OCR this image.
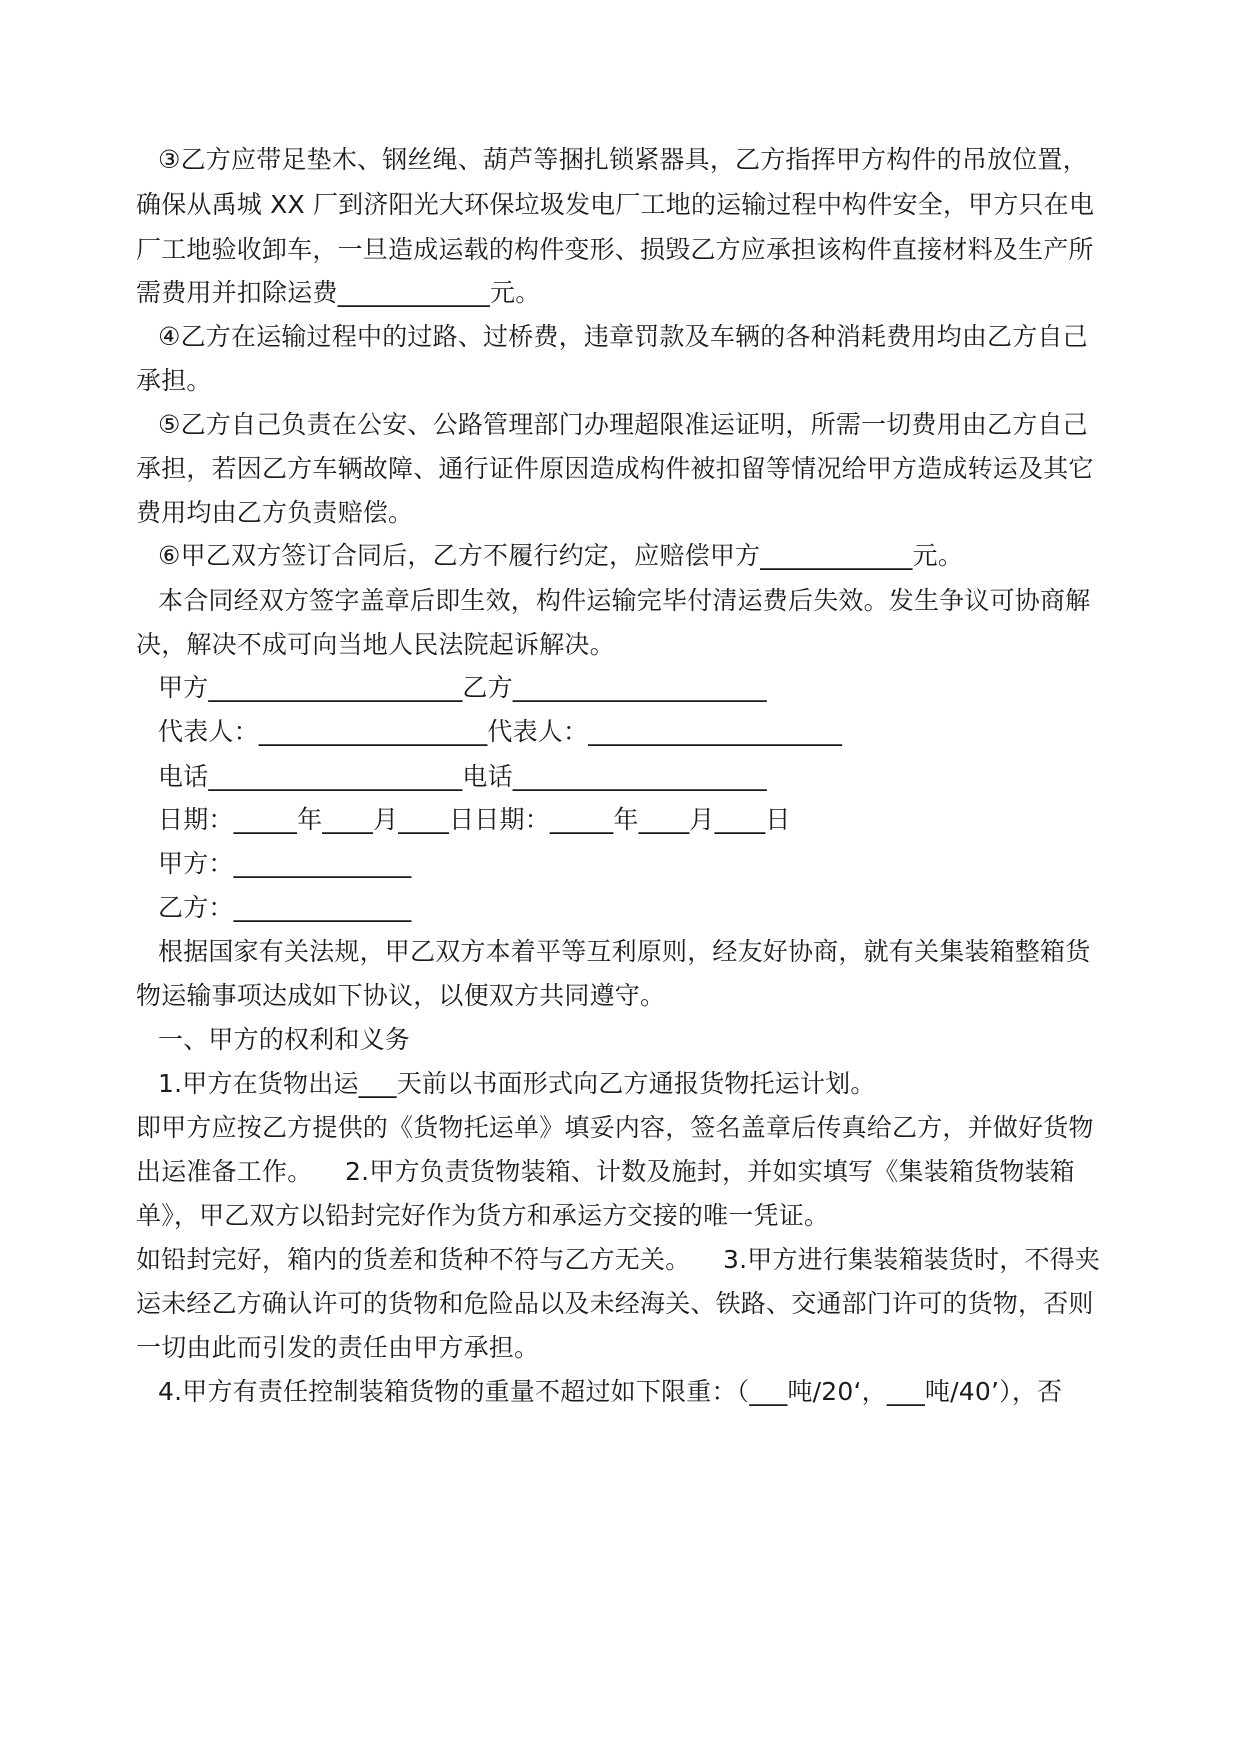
③乙方应带足垫木、钢丝绳、葫芦等捆扎锁紧器具，乙方指挥甲方构件的吊放位置，
确保从禹城 XX 厂到济阳光大环保垃圾发电厂工地的运输过程中构件安全，甲方只在电
厂工地验收卸车，一旦造成运载的构件变形、损毁乙方应承担该构件直接材料及生产所
需费用并扣除运费____________元。
④乙方在运输过程中的过路、过桥费，违章罚款及车辆的各种消耗费用均由乙方自己
承担。
⑤乙方自己负责在公安、公路管理部门办理超限准运证明，所需一切费用由乙方自己
承担，若因乙方车辆故障、通行证件原因造成构件被扣留等情况给甲方造成转运及其它
费用均由乙方负责赔偿。
⑥甲乙双方签订合同后，乙方不履行约定，应赔偿甲方____________元。
本合同经双方签字盖章后即生效，构件运输完毕付清运费后失效。发生争议可协商解
决，解决不成可向当地人民法院起诉解决。
甲方____________________乙方____________________
代表人：__________________代表人：____________________
电话____________________电话____________________
日期：_____年____月____日日期：_____年____月____日
甲方：______________
乙方：______________
根据国家有关法规，甲乙双方本着平等互利原则，经友好协商，就有关集装箱整箱货
物运输事项达成如下协议，以便双方共同遵守。
一、甲方的权利和义务
1.甲方在货物出运___天前以书面形式向乙方通报货物托运计划。
即甲方应按乙方提供的《货物托运单》填妥内容，签名盖章后传真给乙方，并做好货物
出运准备工作。    2.甲方负责货物装箱、计数及施封，并如实填写《集装箱货物装箱
单》，甲乙双方以铅封完好作为货方和承运方交接的唯一凭证。
如铅封完好，箱内的货差和货种不符与乙方无关。    3.甲方进行集装箱装货时，不得夹
运未经乙方确认许可的货物和危险品以及未经海关、铁路、交通部门许可的货物，否则
一切由此而引发的责任由甲方承担。
4.甲方有责任控制装箱货物的重量不超过如下限重：（___吨/20‘，___吨/40’），否
